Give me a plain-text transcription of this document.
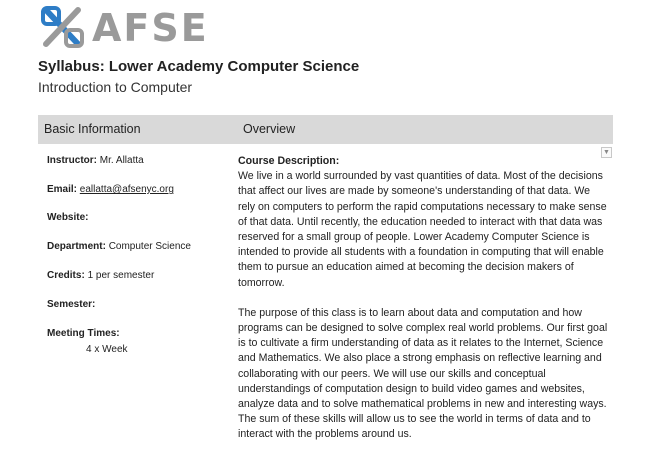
AFSE
Syllabus: Lower Academy Computer Science
Introduction to Computer
Basic Information	Overview
Instructor: Mr. Allatta
Email: eallatta@afsenyc.org
Website:
Department: Computer Science
Credits: 1 per semester
Semester:
Meeting Times:
4 x Week
▼
Course Description:

We live in a world surrounded by vast quantities of data. Most of the decisions that affect our lives are made by someone's understanding of that data. We rely on computers to perform the rapid computations necessary to make sense of that data. Until recently, the education needed to interact with that data was reserved for a small group of people. Lower Academy Computer Science is intended to provide all students with a foundation in computing that will enable them to pursue an education aimed at becoming the decision makers of tomorrow.

The purpose of this class is to learn about data and computation and how programs can be designed to solve complex real world problems. Our first goal is to cultivate a firm understanding of data as it relates to the Internet, Science and Mathematics. We also place a strong emphasis on reflective learning and collaborating with our peers. We will use our skills and conceptual understandings of computation design to build video games and websites, analyze data and to solve mathematical problems in new and interesting ways. The sum of these skills will allow us to see the world in terms of data and to interact with the problems around us.
